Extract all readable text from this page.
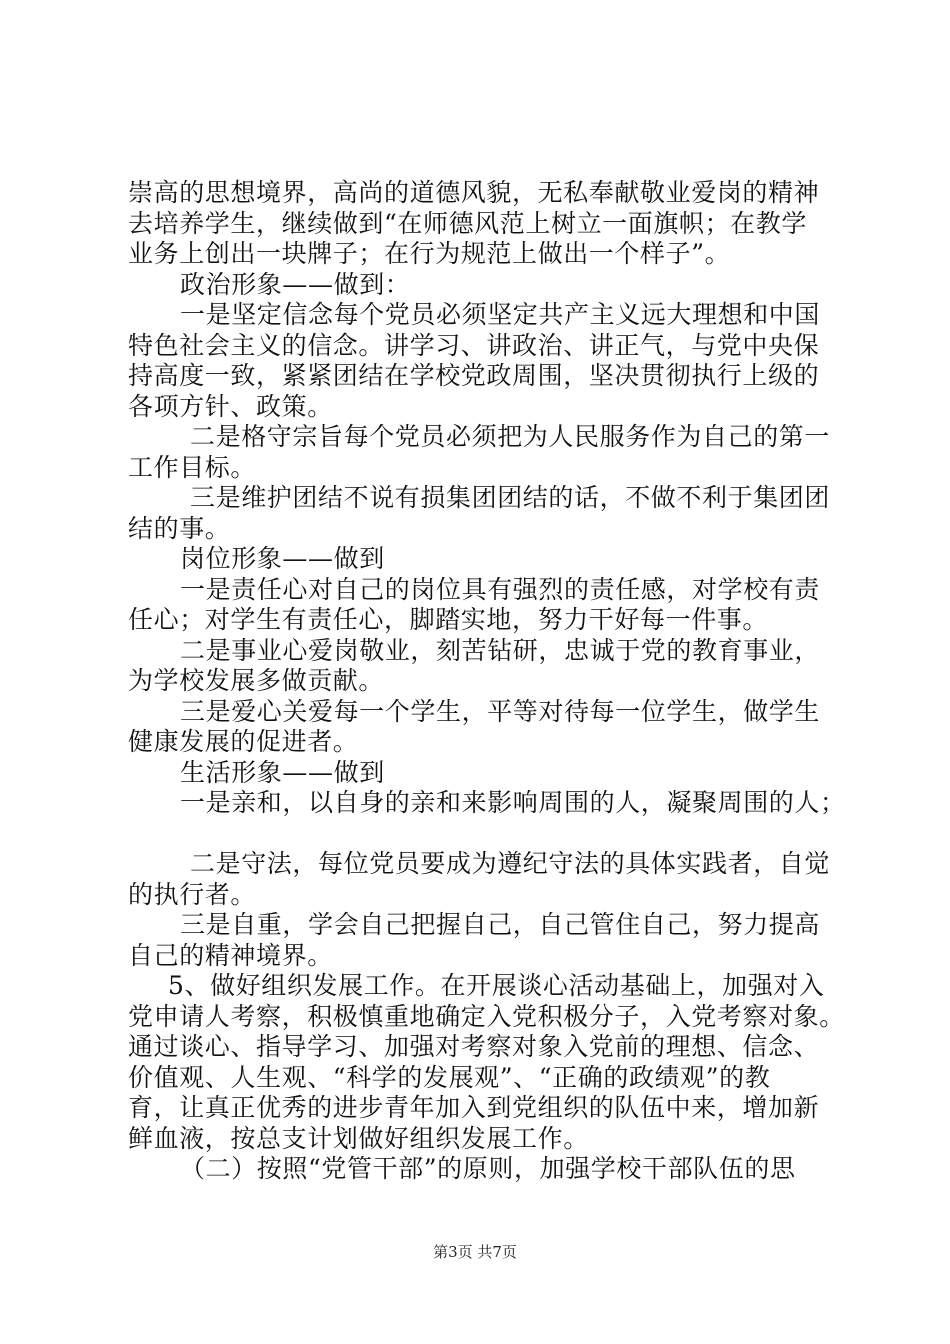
崇高的思想境界，高尚的道德风貌，无私奉献敬业爱岗的精神
去培养学生，继续做到“在师德风范上树立一面旗帜；在教学
业务上创出一块牌子；在行为规范上做出一个样子”。
政治形象——做到：
一是坚定信念每个党员必须坚定共产主义远大理想和中国
特色社会主义的信念。讲学习、讲政治、讲正气，与党中央保
持高度一致，紧紧团结在学校党政周围，坚决贯彻执行上级的
各项方针、政策。
二是格守宗旨每个党员必须把为人民服务作为自己的第一
工作目标。
三是维护团结不说有损集团团结的话，不做不利于集团团
结的事。
岗位形象——做到
一是责任心对自己的岗位具有强烈的责任感，对学校有责
任心；对学生有责任心，脚踏实地，努力干好每一件事。
二是事业心爱岗敬业，刻苦钻研，忠诚于党的教育事业，
为学校发展多做贡献。
三是爱心关爱每一个学生，平等对待每一位学生，做学生
健康发展的促进者。
生活形象——做到
一是亲和，以自身的亲和来影响周围的人，凝聚周围的人；
二是守法，每位党员要成为遵纪守法的具体实践者，自觉
的执行者。
三是自重，学会自己把握自己，自己管住自己，努力提高
自己的精神境界。
5、做好组织发展工作。在开展谈心活动基础上，加强对入
党申请人考察，积极慎重地确定入党积极分子，入党考察对象。
通过谈心、指导学习、加强对考察对象入党前的理想、信念、
价值观、人生观、“科学的发展观”、“正确的政绩观”的教
育，让真正优秀的进步青年加入到党组织的队伍中来，增加新
鲜血液，按总支计划做好组织发展工作。
（二）按照“党管干部”的原则，加强学校干部队伍的思
第3页 共7页
